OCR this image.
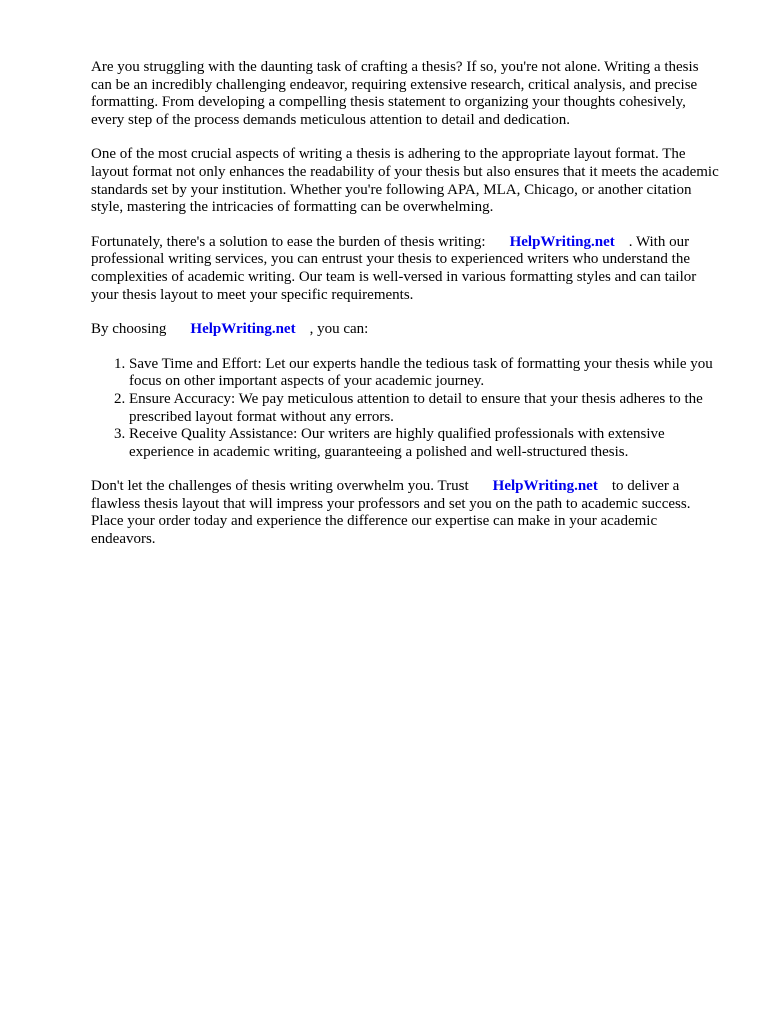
Are you struggling with the daunting task of crafting a thesis? If so, you're not alone. Writing a thesis can be an incredibly challenging endeavor, requiring extensive research, critical analysis, and precise formatting. From developing a compelling thesis statement to organizing your thoughts cohesively, every step of the process demands meticulous attention to detail and dedication.

One of the most crucial aspects of writing a thesis is adhering to the appropriate layout format. The layout format not only enhances the readability of your thesis but also ensures that it meets the academic standards set by your institution. Whether you're following APA, MLA, Chicago, or another citation style, mastering the intricacies of formatting can be overwhelming.

Fortunately, there's a solution to ease the burden of thesis writing: HelpWriting.net . With our professional writing services, you can entrust your thesis to experienced writers who understand the complexities of academic writing. Our team is well-versed in various formatting styles and can tailor your thesis layout to meet your specific requirements.

By choosing HelpWriting.net , you can:

1. Save Time and Effort: Let our experts handle the tedious task of formatting your thesis while you focus on other important aspects of your academic journey.
2. Ensure Accuracy: We pay meticulous attention to detail to ensure that your thesis adheres to the prescribed layout format without any errors.
3. Receive Quality Assistance: Our writers are highly qualified professionals with extensive experience in academic writing, guaranteeing a polished and well-structured thesis.

Don't let the challenges of thesis writing overwhelm you. Trust HelpWriting.net to deliver a flawless thesis layout that will impress your professors and set you on the path to academic success. Place your order today and experience the difference our expertise can make in your academic endeavors.
